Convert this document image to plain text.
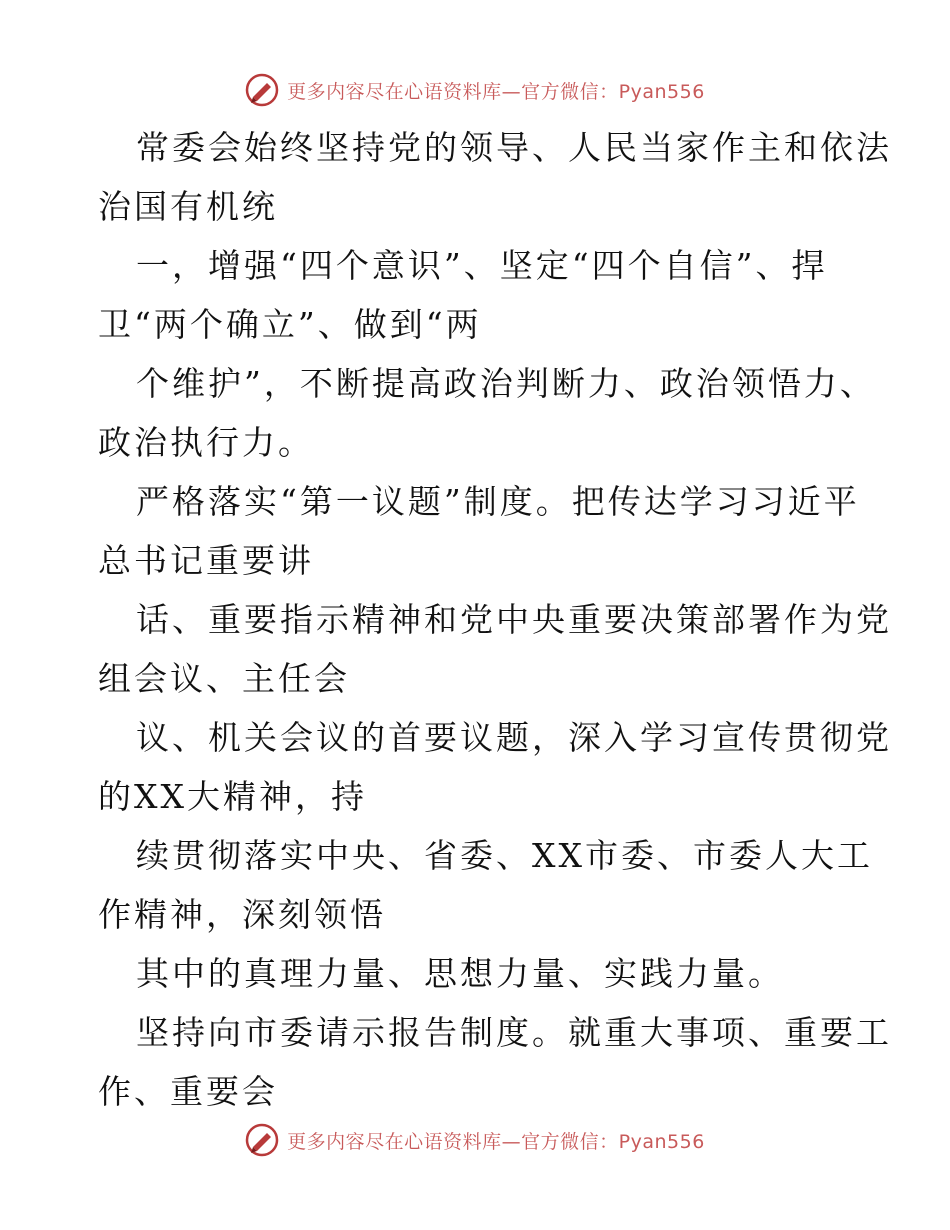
更多内容尽在心语资料库—官方微信：Pyan556
常委会始终坚持党的领导、人民当家作主和依法
治国有机统
一，增强“四个意识”、坚定“四个自信”、捍
卫“两个确立”、做到“两
个维护”，不断提高政治判断力、政治领悟力、
政治执行力。
严格落实“第一议题”制度。把传达学习习近平
总书记重要讲
话、重要指示精神和党中央重要决策部署作为党
组会议、主任会
议、机关会议的首要议题，深入学习宣传贯彻党
的XX大精神，持
续贯彻落实中央、省委、XX市委、市委人大工
作精神，深刻领悟
其中的真理力量、思想力量、实践力量。
坚持向市委请示报告制度。就重大事项、重要工
作、重要会
更多内容尽在心语资料库—官方微信：Pyan556
